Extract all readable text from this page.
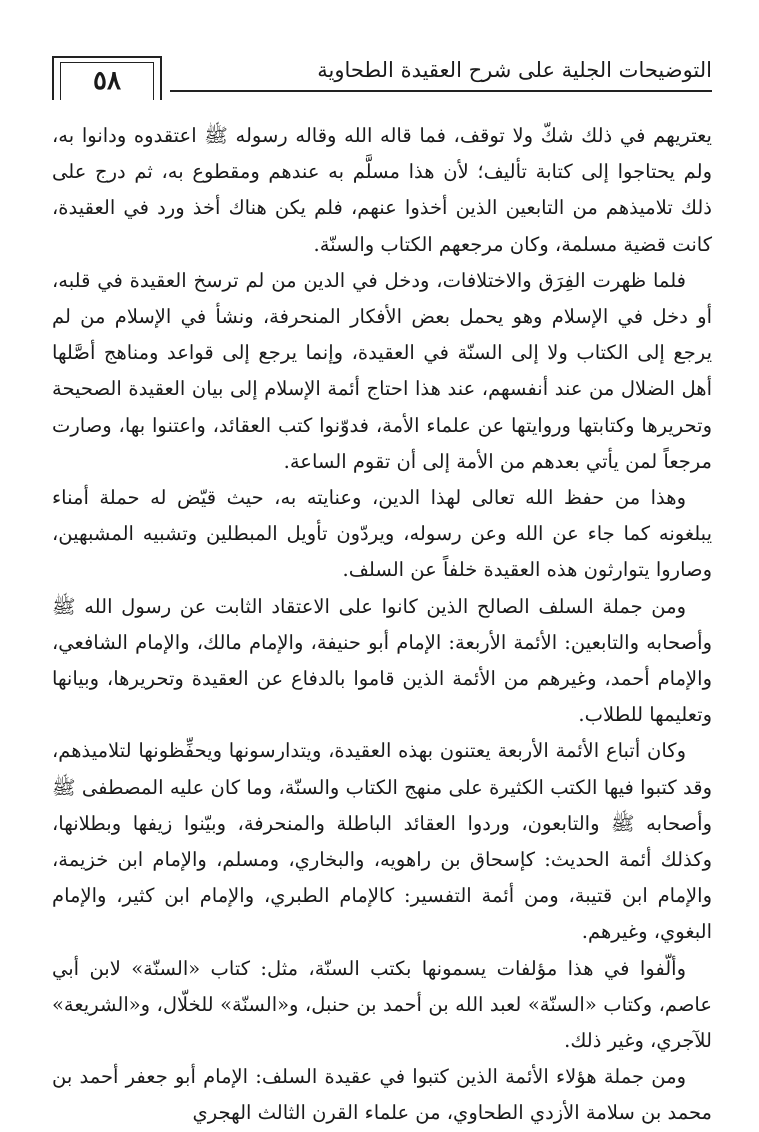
التوضيحات الجلية على شرح العقيدة الطحاوية
٥٨

يعتريهم في ذلك شكّ ولا توقف، فما قاله الله وقاله رسوله ﷺ اعتقدوه ودانوا به، ولم يحتاجوا إلى كتابة تأليف؛ لأن هذا مسلَّم به عندهم ومقطوع به، ثم درج على ذلك تلاميذهم من التابعين الذين أخذوا عنهم، فلم يكن هناك أخذ ورد في العقيدة، كانت قضية مسلمة، وكان مرجعهم الكتاب والسنّة.

فلما ظهرت الفِرَق والاختلافات، ودخل في الدين من لم ترسخ العقيدة في قلبه، أو دخل في الإسلام وهو يحمل بعض الأفكار المنحرفة، ونشأ في الإسلام من لم يرجع إلى الكتاب ولا إلى السنّة في العقيدة، وإنما يرجع إلى قواعد ومناهج أصَّلها أهل الضلال من عند أنفسهم، عند هذا احتاج أئمة الإسلام إلى بيان العقيدة الصحيحة وتحريرها وكتابتها وروايتها عن علماء الأمة، فدوّنوا كتب العقائد، واعتنوا بها، وصارت مرجعاً لمن يأتي بعدهم من الأمة إلى أن تقوم الساعة.

وهذا من حفظ الله تعالى لهذا الدين، وعنايته به، حيث قيّض له حملة أمناء يبلغونه كما جاء عن الله وعن رسوله، ويردّون تأويل المبطلين وتشبيه المشبهين، وصاروا يتوارثون هذه العقيدة خلفاً عن السلف.

ومن جملة السلف الصالح الذين كانوا على الاعتقاد الثابت عن رسول الله ﷺ وأصحابه والتابعين: الأئمة الأربعة: الإمام أبو حنيفة، والإمام مالك، والإمام الشافعي، والإمام أحمد، وغيرهم من الأئمة الذين قاموا بالدفاع عن العقيدة وتحريرها، وبيانها وتعليمها للطلاب.

وكان أتباع الأئمة الأربعة يعتنون بهذه العقيدة، ويتدارسونها ويحفِّظونها لتلاميذهم، وقد كتبوا فيها الكتب الكثيرة على منهج الكتاب والسنّة، وما كان عليه المصطفى ﷺ وأصحابه ﷺ والتابعون، وردوا العقائد الباطلة والمنحرفة، وبيّنوا زيفها وبطلانها، وكذلك أئمة الحديث: كإسحاق بن راهويه، والبخاري، ومسلم، والإمام ابن خزيمة، والإمام ابن قتيبة، ومن أئمة التفسير: كالإمام الطبري، والإمام ابن كثير، والإمام البغوي، وغيرهم.

وألّفوا في هذا مؤلفات يسمونها بكتب السنّة، مثل: كتاب «السنّة» لابن أبي عاصم، وكتاب «السنّة» لعبد الله بن أحمد بن حنبل، و«السنّة» للخلّال، و«الشريعة» للآجري، وغير ذلك.

ومن جملة هؤلاء الأئمة الذين كتبوا في عقيدة السلف: الإمام أبو جعفر أحمد بن محمد بن سلامة الأزدي الطحاوي، من علماء القرن الثالث الهجري
